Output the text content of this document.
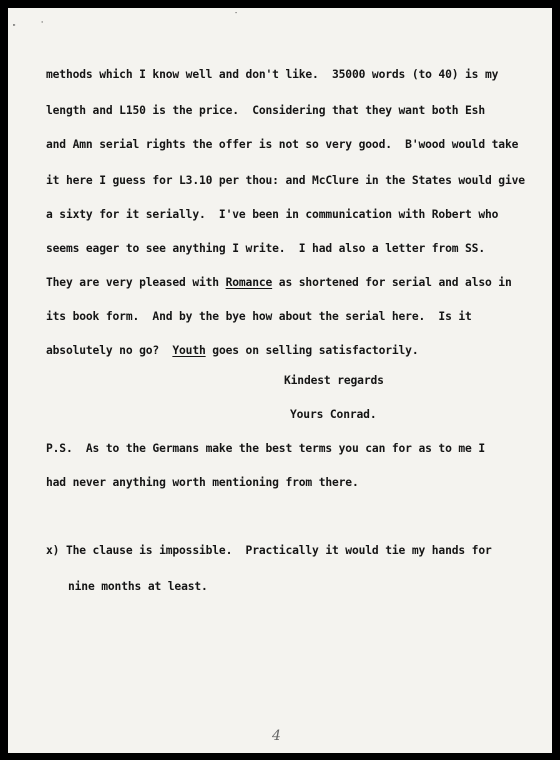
"	'
-
methods which I know well and don't like.  35000 words (to 40) is my
length and L150 is the price.  Considering that they want both Esh
and Amn serial rights the offer is not so very good.  B'wood would take
it here I guess for L3.10 per thou: and McClure in the States would give
a sixty for it serially.  I've been in communication with Robert who
seems eager to see anything I write.  I had also a letter from SS.
They are very pleased with Romance as shortened for serial and also in
its book form.  And by the bye how about the serial here.  Is it
absolutely no go?  Youth goes on selling satisfactorily.
Kindest regards
Yours Conrad.
P.S.  As to the Germans make the best terms you can for as to me I
had never anything worth mentioning from there.
x) The clause is impossible.  Practically it would tie my hands for
nine months at least.
4
